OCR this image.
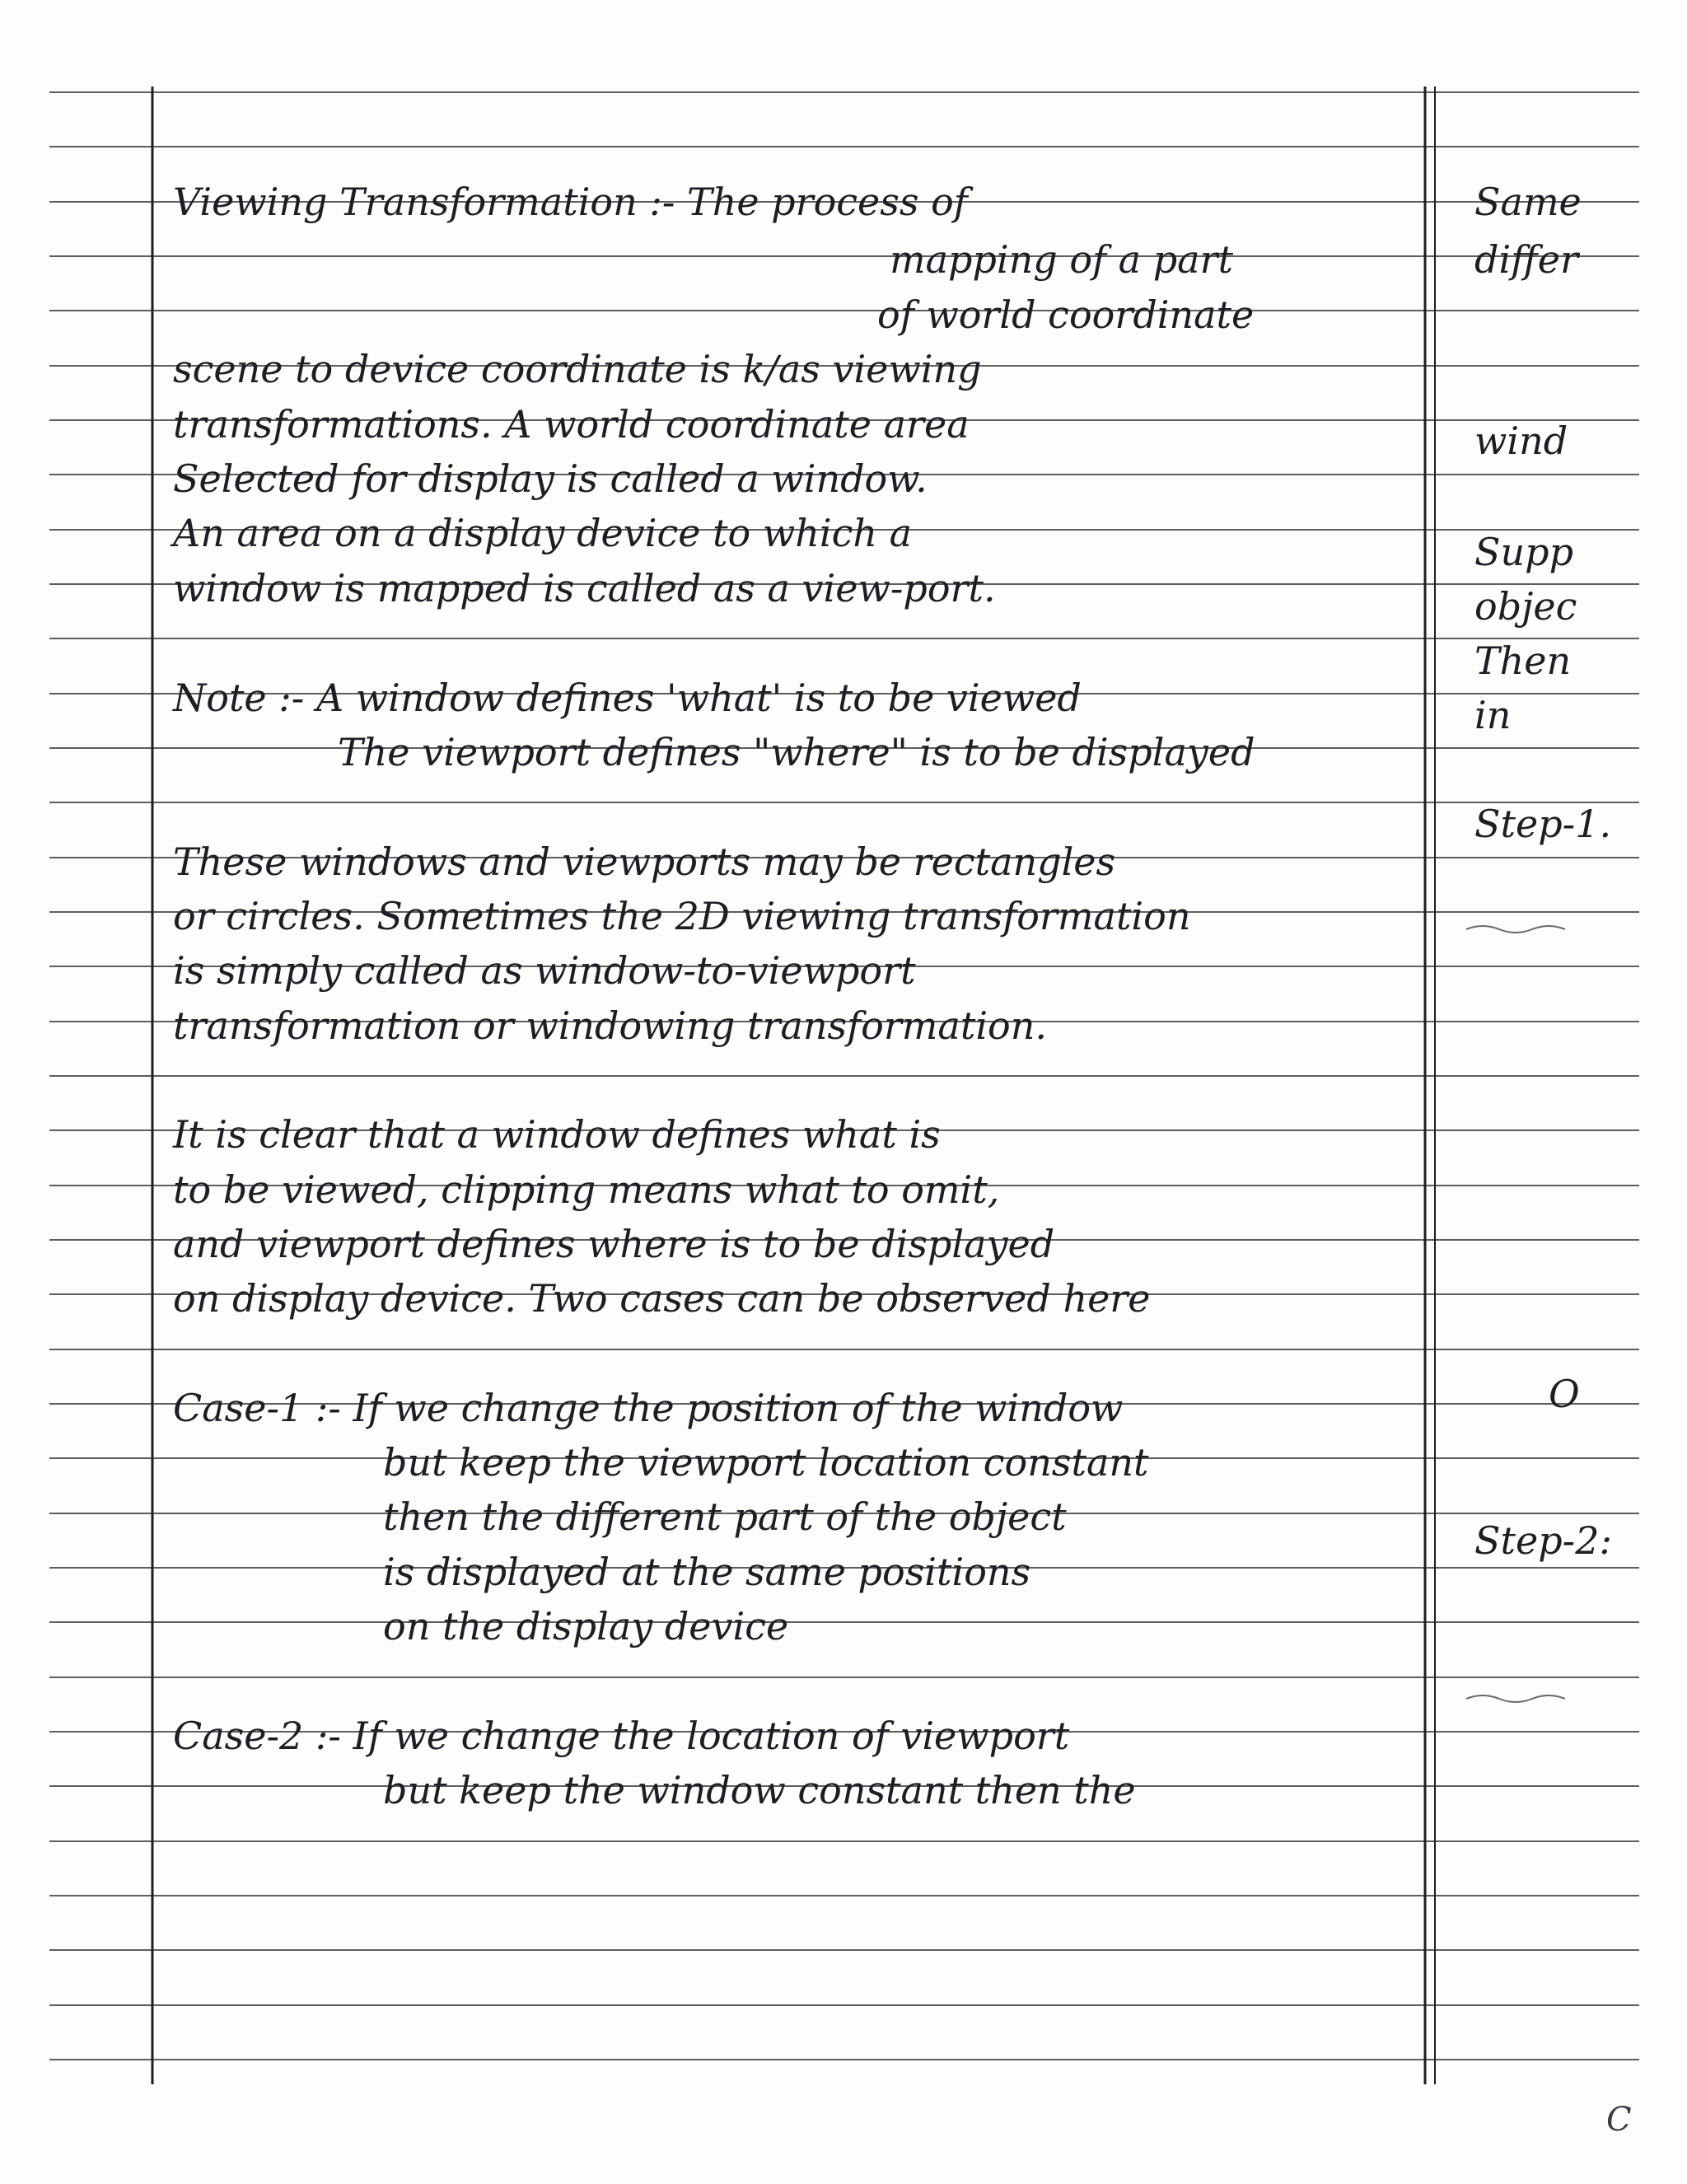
Viewing Transformation :- The process of
mapping of a part
of world coordinate
scene to device coordinate is k/as viewing
transformations. A world coordinate area
Selected for display is called a window.
An area on a display device to which a
window is mapped is called as a view-port.
Note :- A window defines 'what' is to be viewed
The viewport defines "where" is to be displayed
These windows and viewports may be rectangles
or circles. Sometimes the 2D viewing transformation
is simply called as window-to-viewport
transformation or windowing transformation.
It is clear that a window defines what is
to be viewed, clipping means what to omit,
and viewport defines where is to be displayed
on display device. Two cases can be observed here
Case-1 :- If we change the position of the window
but keep the viewport location constant
then the different part of the object
is displayed at the same positions
on the display device
Case-2 :- If we change the location of viewport
but keep the window constant then the
Same
differ
wind
Supp
objec
Then
in
Step-1.
O
Step-2:
C
